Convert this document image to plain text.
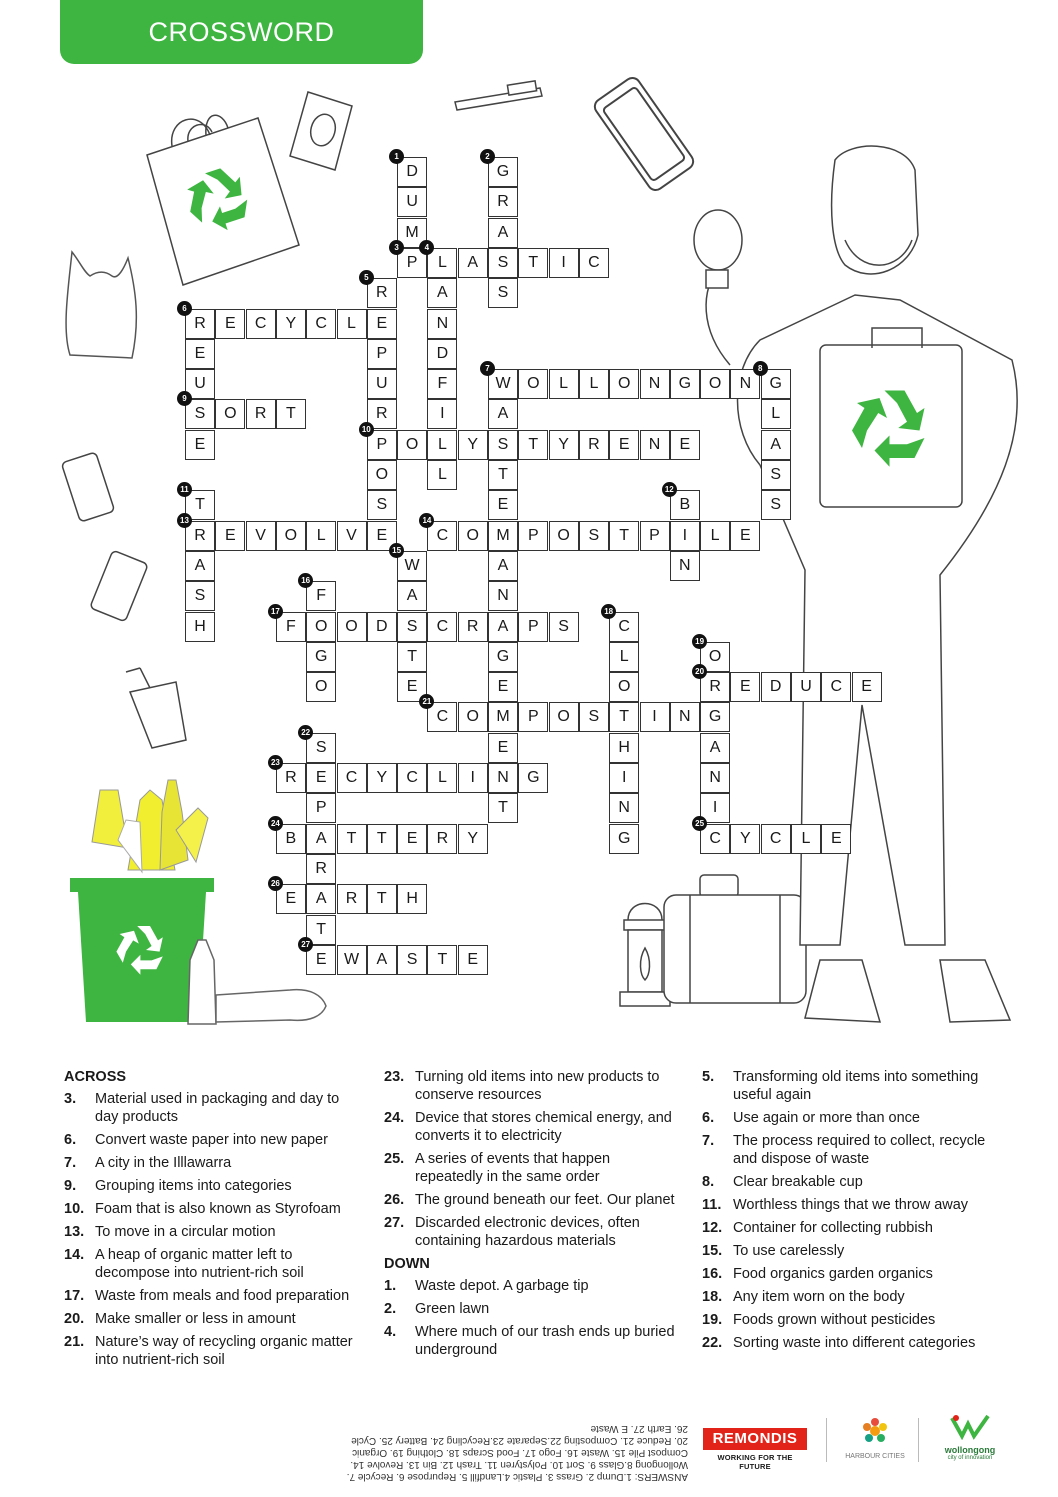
CROSSWORD
D
U
M
P
G
R
A
S
S
L	A	T	I	C
A
N
D
F
I
L
L
R
E
P
U
R
P
O
S
E
R	E	C	Y	C	L
E
U
S
E
W	O	L	L	O	N	G	O	N	G
A
S
T
E
M
A
N
A
G
E
M
E
N
T
L
A
S
S
O	R	T
O	Y	T	Y	R	E	N	E
T
R
A
S
H
B
I
N
E	V	O	L	V	C	O	P	O	S	T	P	L	E
W
A
S
T
E
F
O
G
O
F	O	D	C	R	P	S	C
L
O
T
H
I
N
G
O
R
G
A
N
I
C
E	D	U	C	E
C	O	P	O	S	I	N
S
E
P
A
R
A
T
E
R	C	Y	C	L	I	G
B	T	T	E	R	Y	Y	C	L	E
E	R	T	H
W	A	S	T	E
1	2
3	4
5
6
7	8
9
10
11	12
13	14
15
16
17	18
19
20
21
22
23
24	25
26
27
ACROSS
3.	Material used in packaging and day to day products
6.	Convert waste paper into new paper
7.	A city in the Illlawarra
9.	Grouping items into categories
10. Foam that is also known as Styrofoam
13. To move in a circular motion
14. A heap of organic matter left to decompose into nutrient-rich soil
17. Waste from meals and food preparation
20. Make smaller or less in amount
21. Nature’s way of recycling organic matter into nutrient-rich soil
23. Turning old items into new products to conserve resources
24. Device that stores chemical energy, and converts it to electricity
25. A series of events that happen repeatedly in the same order
26. The ground beneath our feet. Our planet
27. Discarded electronic devices, often containing hazardous materials
DOWN
1.	Waste depot. A garbage tip
2.	Green lawn
4.	Where much of our trash ends up buried underground
5.	Transforming old items into something useful again
6.	Use again or more than once
7.	The process required to collect, recycle and dispose of waste
8.	Clear breakable cup
11. Worthless things that we throw away
12. Container for collecting rubbish
15. To use carelessly
16. Food organics garden organics
18. Any item worn on the body
19. Foods grown without pesticides
22. Sorting waste into different categories
ANSWERS: 1.Dump 2. Grass 3. Plastic 4.Landfill 5. Repurpose 6. Recycle 7. Wollongong 8.Glass 9. Sort 10. Polystyren 11. Trash 12. Bin 13. Revolve 14. Compost Pile 15. Waste 16. Fogo 17. Food Scraps 18. Clothing 19. Organic 20. Reduce 21. Composting 22.Separate 23.Recycling 24. Battery 25. Cycle 26. Earth 27. E Waste
REMONDIS
WORKING FOR THE FUTURE
HARBOUR CITIES
wollongong
city of innovation
